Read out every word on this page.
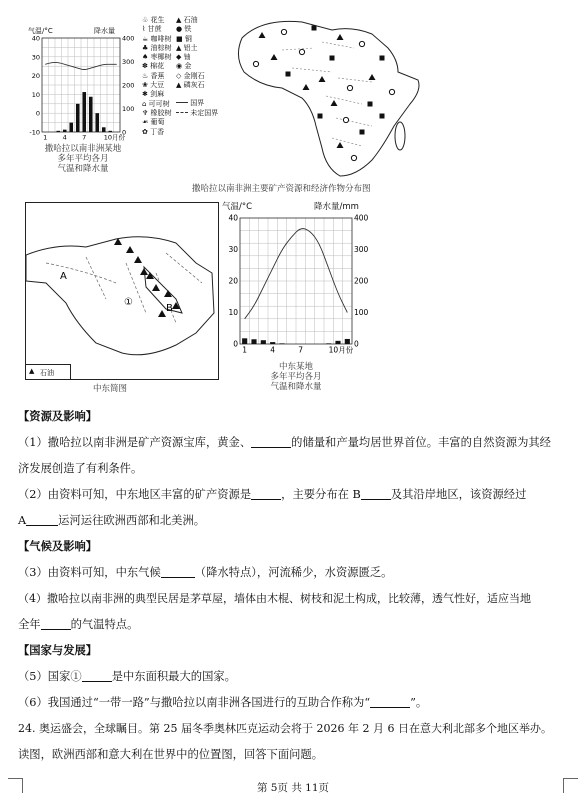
气温/°C	降水量
40
30
20
10
0
-10
400
300
200
100
0
1 4 7	10月份
撒哈拉以南非洲某地
多年平均各月
气温和降水量
♧ 花生
⌇ 甘蔗
☕ 咖啡树
♣ 油棕树
♠ 枣椰树
✽ 棉花
♨ 香蕉
❀ 大豆
✱ 剑麻
⌂ 可可树
♆ 橡胶树
☙ 葡萄
✿ 丁香
▲ 石油
● 铁
■ 铜
▲ 铝土
◆ 铀
◉ 金
◇ 金刚石
▲ 磷灰石
国界
未定国界
撒哈拉以南非洲主要矿产资源和经济作物分布图
A
①
B
▲ 石油
中东简图
气温/°C	降水量/mm
40
30
20
10
0
400
300
200
100
0
1	4	7	10月份
中东某地
多年平均各月
气温和降水量
【资源及影响】
（1）撒哈拉以南非洲是矿产资源宝库，黄金、	的储量和产量均居世界首位。丰富的自然资源为其经
济发展创造了有利条件。
（2）由资料可知，中东地区丰富的矿产资源是	，主要分布在 B	及其沿岸地区，该资源经过
A	运河运往欧洲西部和北美洲。
【气候及影响】
（3）由资料可知，中东气候	（降水特点），河流稀少，水资源匮乏。
（4）撒哈拉以南非洲的典型民居是茅草屋，墙体由木棍、树枝和泥土构成，比较薄，透气性好，适应当地
全年	的气温特点。
【国家与发展】
（5）国家①	是中东面积最大的国家。
（6）我国通过“一带一路”与撒哈拉以南非洲各国进行的互助合作称为“	”。
24. 奥运盛会，全球瞩目。第 25 届冬季奥林匹克运动会将于 2026 年 2 月 6 日在意大利北部多个地区举办。
读图，欧洲西部和意大利在世界中的位置图，回答下面问题。
第 5页 共 11页
